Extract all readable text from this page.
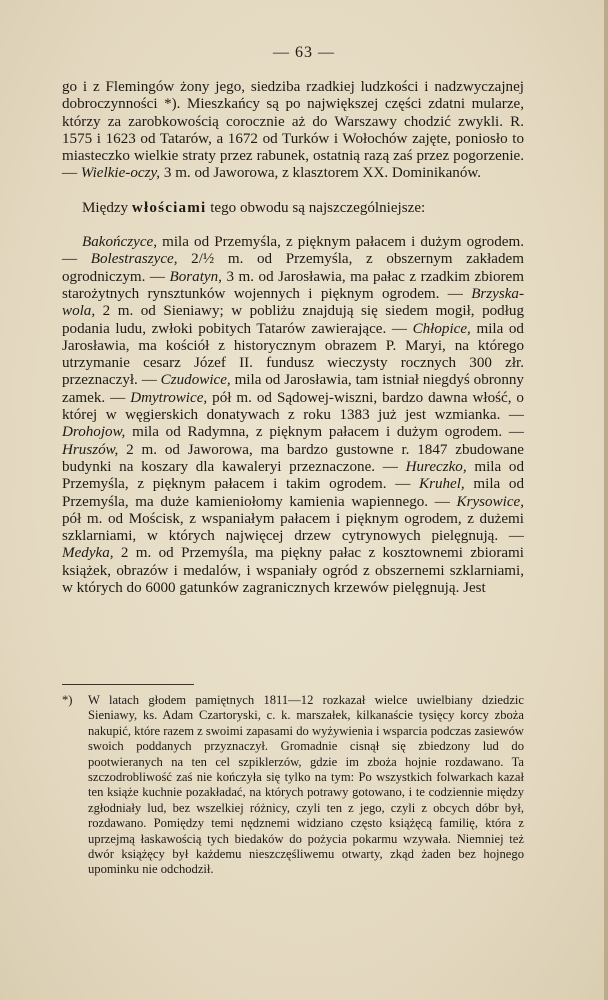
— 63 —

go i z Flemingów żony jego, siedziba rzadkiej ludzkości i nadzwyczajnej dobroczynności *). Mieszkańcy są po największej części zdatni mularze, którzy za zarobkowością corocznie aż do Warszawy chodzić zwykli. R. 1575 i 1623 od Tatarów, a 1672 od Turków i Wołochów zajęte, poniosło to miasteczko wielkie straty przez rabunek, ostatnią razą zaś przez pogorzenie. — Wielkie-oczy, 3 m. od Jaworowa, z klasztorem XX. Dominikanów.

Między włościami tego obwodu są najszczególniejsze:

Bakończyce, mila od Przemyśla, z pięknym pałacem i dużym ogrodem. — Bolestraszyce, 2/½ m. od Przemyśla, z obszernym zakładem ogrodniczym. — Boratyn, 3 m. od Jarosławia, ma pałac z rzadkim zbiorem starożytnych rynsztunków wojennych i pięknym ogrodem. — Brzyska-wola, 2 m. od Sieniawy; w pobliżu znajdują się siedem mogił, podług podania ludu, zwłoki pobitych Tatarów zawierające. — Chłopice, mila od Jarosławia, ma kościół z historycznym obrazem P. Maryi, na którego utrzymanie cesarz Józef II. fundusz wieczysty rocznych 300 złr. przeznaczył. — Czudowice, mila od Jarosławia, tam istniał niegdyś obronny zamek. — Dmytrowice, pół m. od Sądowej-wiszni, bardzo dawna włość, o której w węgierskich donatywach z roku 1383 już jest wzmianka. — Drohojow, mila od Radymna, z pięknym pałacem i dużym ogrodem. — Hruszów, 2 m. od Jaworowa, ma bardzo gustowne r. 1847 zbudowane budynki na koszary dla kawaleryi przeznaczone. — Hureczko, mila od Przemyśla, z pięknym pałacem i takim ogrodem. — Kruhel, mila od Przemyśla, ma duże kamieniołomy kamienia wapiennego. — Krysowice, pół m. od Mościsk, z wspaniałym pałacem i pięknym ogrodem, z dużemi szklarniami, w których najwięcej drzew cytrynowych pielęgnują. — Medyka, 2 m. od Przemyśla, ma piękny pałac z kosztownemi zbiorami książek, obrazów i medalów, i wspaniały ogród z obszernemi szklarniami, w których do 6000 gatunków zagranicznych krzewów pielęgnują. Jest

*) W latach głodem pamiętnych 1811—12 rozkazał wielce uwielbiany dziedzic Sieniawy, ks. Adam Czartoryski, c. k. marszałek, kilkanaście tysięcy korcy zboża nakupić, które razem z swoimi zapasami do wyżywienia i wsparcia podczas zasiewów swoich poddanych przyznaczył. Gromadnie cisnął się zbiedzony lud do pootwieranych na ten cel szpiklerzów, gdzie im zboża hojnie rozdawano. Ta szczodrobliwość zaś nie kończyła się tylko na tym: Po wszystkich folwarkach kazał ten książe kuchnie pozakładać, na których potrawy gotowano, i te codziennie między zgłodniały lud, bez wszelkiej różnicy, czyli ten z jego, czyli z obcych dóbr był, rozdawano. Pomiędzy temi nędznemi widziano często książęcą familię, która z uprzejmą łaskawością tych biedaków do pożycia pokarmu wzywała. Niemniej też dwór książęcy był każdemu nieszczęśliwemu otwarty, zkąd żaden bez hojnego upominku nie odchodził.
